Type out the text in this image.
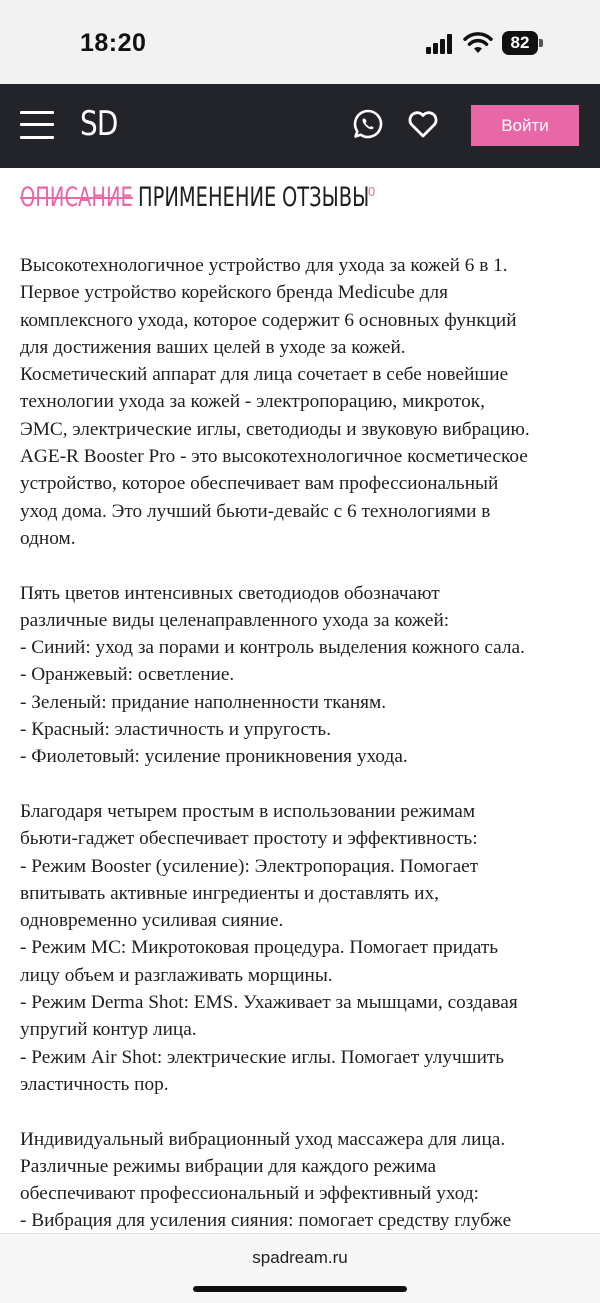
18:20	82
SD	Войти
ОПИСАНИЕ ПРИМЕНЕНИЕ ОТЗЫВЫ
0
Высокотехнологичное устройство для ухода за кожей 6 в 1.
Первое устройство корейского бренда Medicube для
комплексного ухода, которое содержит 6 основных функций
для достижения ваших целей в уходе за кожей.
Косметический аппарат для лица сочетает в себе новейшие
технологии ухода за кожей - электропорацию, микроток,
ЭМС, электрические иглы, светодиоды и звуковую вибрацию.
AGE-R Booster Pro - это высокотехнологичное косметическое
устройство, которое обеспечивает вам профессиональный
уход дома. Это лучший бьюти-девайс с 6 технологиями в
одном.
Пять цветов интенсивных светодиодов обозначают
различные виды целенаправленного ухода за кожей:
- Синий: уход за порами и контроль выделения кожного сала.
- Оранжевый: осветление.
- Зеленый: придание наполненности тканям.
- Красный: эластичность и упругость.
- Фиолетовый: усиление проникновения ухода.
Благодаря четырем простым в использовании режимам
бьюти-гаджет обеспечивает простоту и эффективность:
- Режим Booster (усиление): Электропорация. Помогает
впитывать активные ингредиенты и доставлять их,
одновременно усиливая сияние.
- Режим MC: Микротоковая процедура. Помогает придать
лицу объем и разглаживать морщины.
- Режим Derma Shot: EMS. Ухаживает за мышцами, создавая
упругий контур лица.
- Режим Air Shot: электрические иглы. Помогает улучшить
эластичность пор.
Индивидуальный вибрационный уход массажера для лица.
Различные режимы вибрации для каждого режима
обеспечивают профессиональный и эффективный уход:
- Вибрация для усиления сияния: помогает средству глубже
spadream.ru
